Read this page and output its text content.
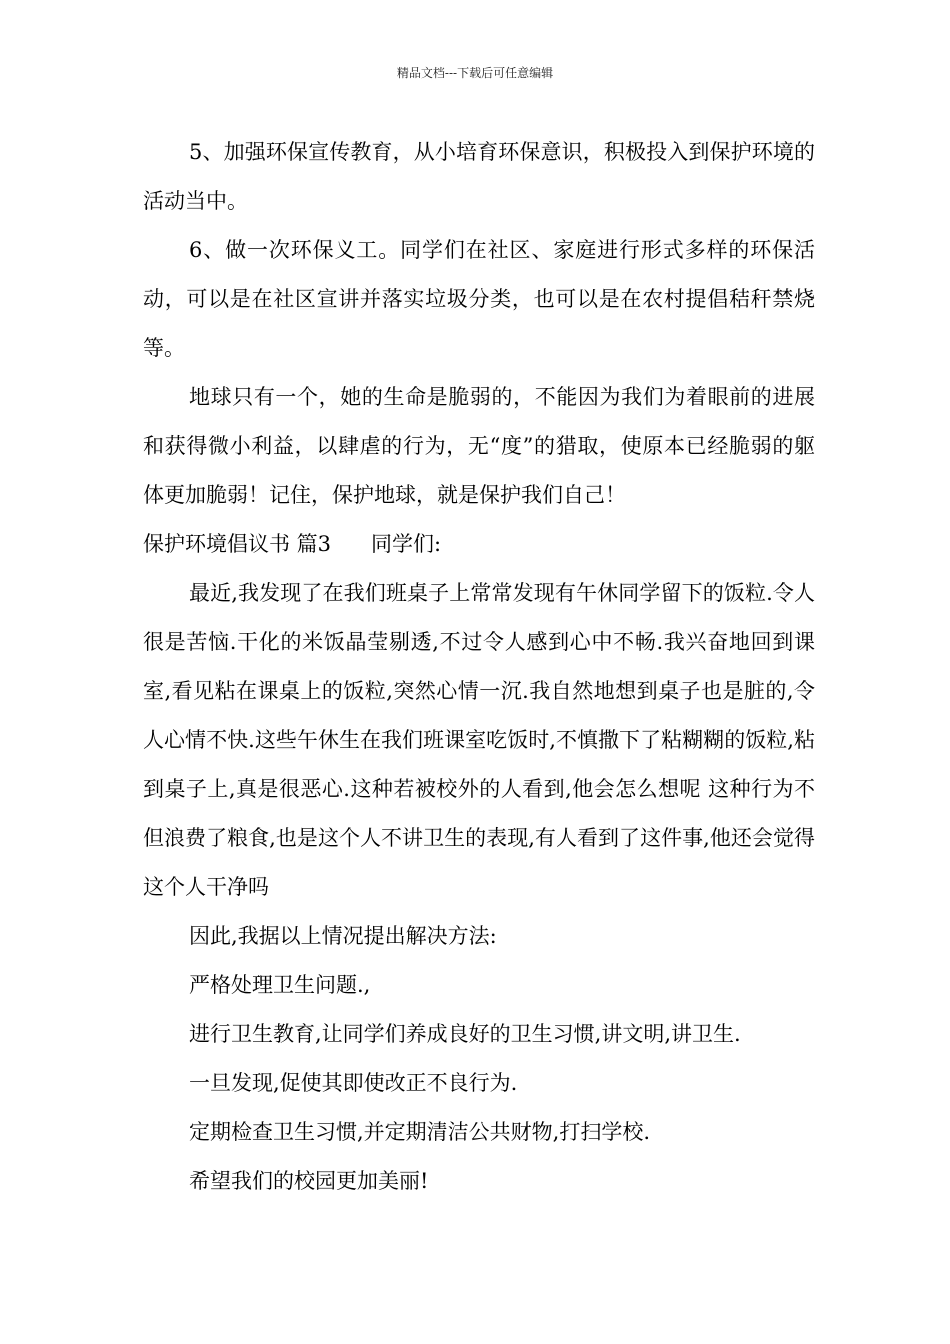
精品文档---下载后可任意编辑

5、加强环保宣传教育，从小培育环保意识，积极投入到保护环境的活动当中。

6、做一次环保义工。同学们在社区、家庭进行形式多样的环保活动，可以是在社区宣讲并落实垃圾分类，也可以是在农村提倡秸秆禁烧等。

地球只有一个，她的生命是脆弱的，不能因为我们为着眼前的进展和获得微小利益，以肆虐的行为，无“度”的猎取，使原本已经脆弱的躯体更加脆弱！记住，保护地球，就是保护我们自己！

保护环境倡议书 篇3 同学们:

最近,我发现了在我们班桌子上常常发现有午休同学留下的饭粒.令人很是苦恼.干化的米饭晶莹剔透,不过令人感到心中不畅.我兴奋地回到课室,看见粘在课桌上的饭粒,突然心情一沉.我自然地想到桌子也是脏的,令人心情不快.这些午休生在我们班课室吃饭时,不慎撒下了粘糊糊的饭粒,粘到桌子上,真是很恶心.这种若被校外的人看到,他会怎么想呢 这种行为不但浪费了粮食,也是这个人不讲卫生的表现,有人看到了这件事,他还会觉得这个人干净吗

因此,我据以上情况提出解决方法:

严格处理卫生问题.,

进行卫生教育,让同学们养成良好的卫生习惯,讲文明,讲卫生.

一旦发现,促使其即使改正不良行为.

定期检查卫生习惯,并定期清洁公共财物,打扫学校.

希望我们的校园更加美丽!
